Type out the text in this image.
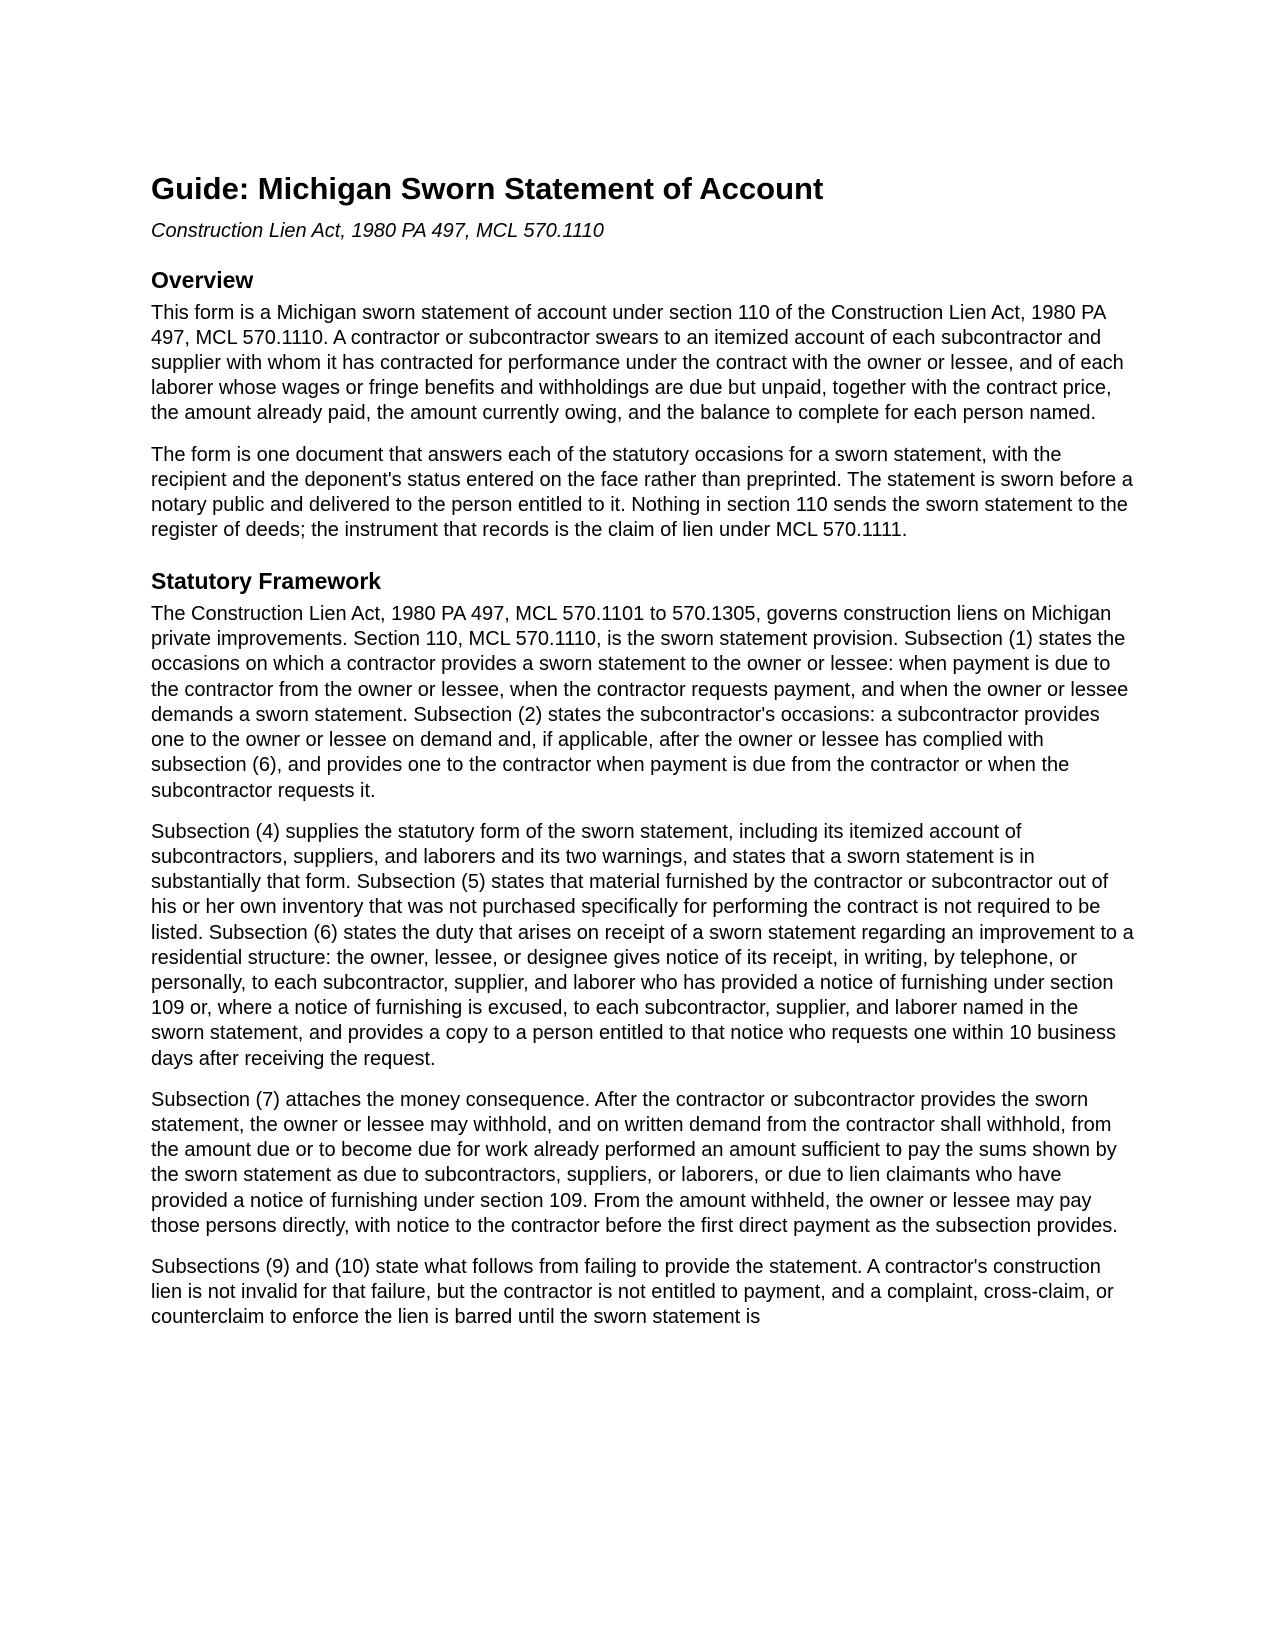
Guide: Michigan Sworn Statement of Account
Construction Lien Act, 1980 PA 497, MCL 570.1110
Overview

This form is a Michigan sworn statement of account under section 110 of the Construction Lien Act, 1980 PA 497, MCL 570.1110. A contractor or subcontractor swears to an itemized account of each subcontractor and supplier with whom it has contracted for performance under the contract with the owner or lessee, and of each laborer whose wages or fringe benefits and withholdings are due but unpaid, together with the contract price, the amount already paid, the amount currently owing, and the balance to complete for each person named.

The form is one document that answers each of the statutory occasions for a sworn statement, with the recipient and the deponent's status entered on the face rather than preprinted. The statement is sworn before a notary public and delivered to the person entitled to it. Nothing in section 110 sends the sworn statement to the register of deeds; the instrument that records is the claim of lien under MCL 570.1111.

Statutory Framework

The Construction Lien Act, 1980 PA 497, MCL 570.1101 to 570.1305, governs construction liens on Michigan private improvements. Section 110, MCL 570.1110, is the sworn statement provision. Subsection (1) states the occasions on which a contractor provides a sworn statement to the owner or lessee: when payment is due to the contractor from the owner or lessee, when the contractor requests payment, and when the owner or lessee demands a sworn statement. Subsection (2) states the subcontractor's occasions: a subcontractor provides one to the owner or lessee on demand and, if applicable, after the owner or lessee has complied with subsection (6), and provides one to the contractor when payment is due from the contractor or when the subcontractor requests it.

Subsection (4) supplies the statutory form of the sworn statement, including its itemized account of subcontractors, suppliers, and laborers and its two warnings, and states that a sworn statement is in substantially that form. Subsection (5) states that material furnished by the contractor or subcontractor out of his or her own inventory that was not purchased specifically for performing the contract is not required to be listed. Subsection (6) states the duty that arises on receipt of a sworn statement regarding an improvement to a residential structure: the owner, lessee, or designee gives notice of its receipt, in writing, by telephone, or personally, to each subcontractor, supplier, and laborer who has provided a notice of furnishing under section 109 or, where a notice of furnishing is excused, to each subcontractor, supplier, and laborer named in the sworn statement, and provides a copy to a person entitled to that notice who requests one within 10 business days after receiving the request.

Subsection (7) attaches the money consequence. After the contractor or subcontractor provides the sworn statement, the owner or lessee may withhold, and on written demand from the contractor shall withhold, from the amount due or to become due for work already performed an amount sufficient to pay the sums shown by the sworn statement as due to subcontractors, suppliers, or laborers, or due to lien claimants who have provided a notice of furnishing under section 109. From the amount withheld, the owner or lessee may pay those persons directly, with notice to the contractor before the first direct payment as the subsection provides.

Subsections (9) and (10) state what follows from failing to provide the statement. A contractor's construction lien is not invalid for that failure, but the contractor is not entitled to payment, and a complaint, cross-claim, or counterclaim to enforce the lien is barred until the sworn statement is
